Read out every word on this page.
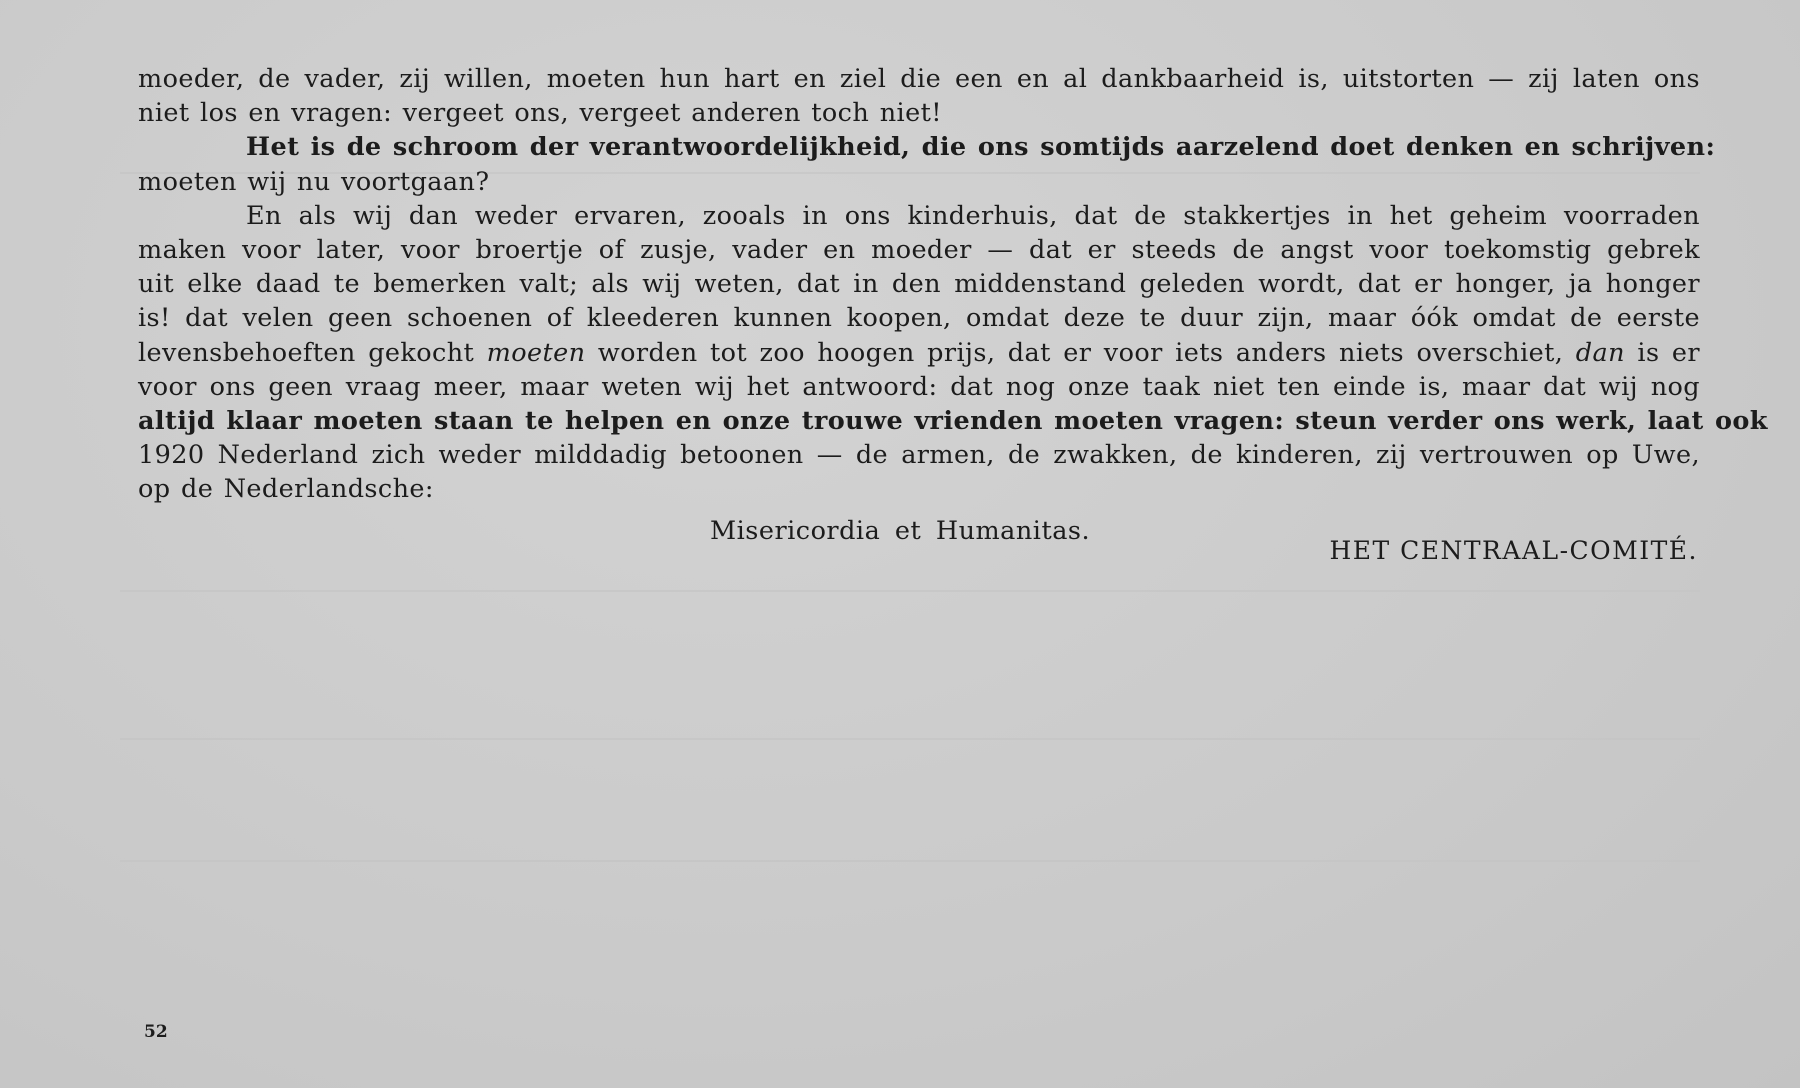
moeder, de vader, zij willen, moeten hun hart en ziel die een en al dankbaarheid is, uitstorten — zij laten ons
niet los en vragen: vergeet ons, vergeet anderen toch niet!
Het is de schroom der verantwoordelijkheid, die ons somtijds aarzelend doet denken en schrijven:
moeten wij nu voortgaan?
En als wij dan weder ervaren, zooals in ons kinderhuis, dat de stakkertjes in het geheim voorraden
maken voor later, voor broertje of zusje, vader en moeder — dat er steeds de angst voor toekomstig gebrek
uit elke daad te bemerken valt; als wij weten, dat in den middenstand geleden wordt, dat er honger, ja honger
is! dat velen geen schoenen of kleederen kunnen koopen, omdat deze te duur zijn, maar óók omdat de eerste
levensbehoeften gekocht moeten worden tot zoo hoogen prijs, dat er voor iets anders niets overschiet, dan is er
voor ons geen vraag meer, maar weten wij het antwoord: dat nog onze taak niet ten einde is, maar dat wij nog
altijd klaar moeten staan te helpen en onze trouwe vrienden moeten vragen: steun verder ons werk, laat ook
1920 Nederland zich weder milddadig betoonen — de armen, de zwakken, de kinderen, zij vertrouwen op Uwe,
op de Nederlandsche:
Misericordia et Humanitas.
HET CENTRAAL-COMITÉ.
52
